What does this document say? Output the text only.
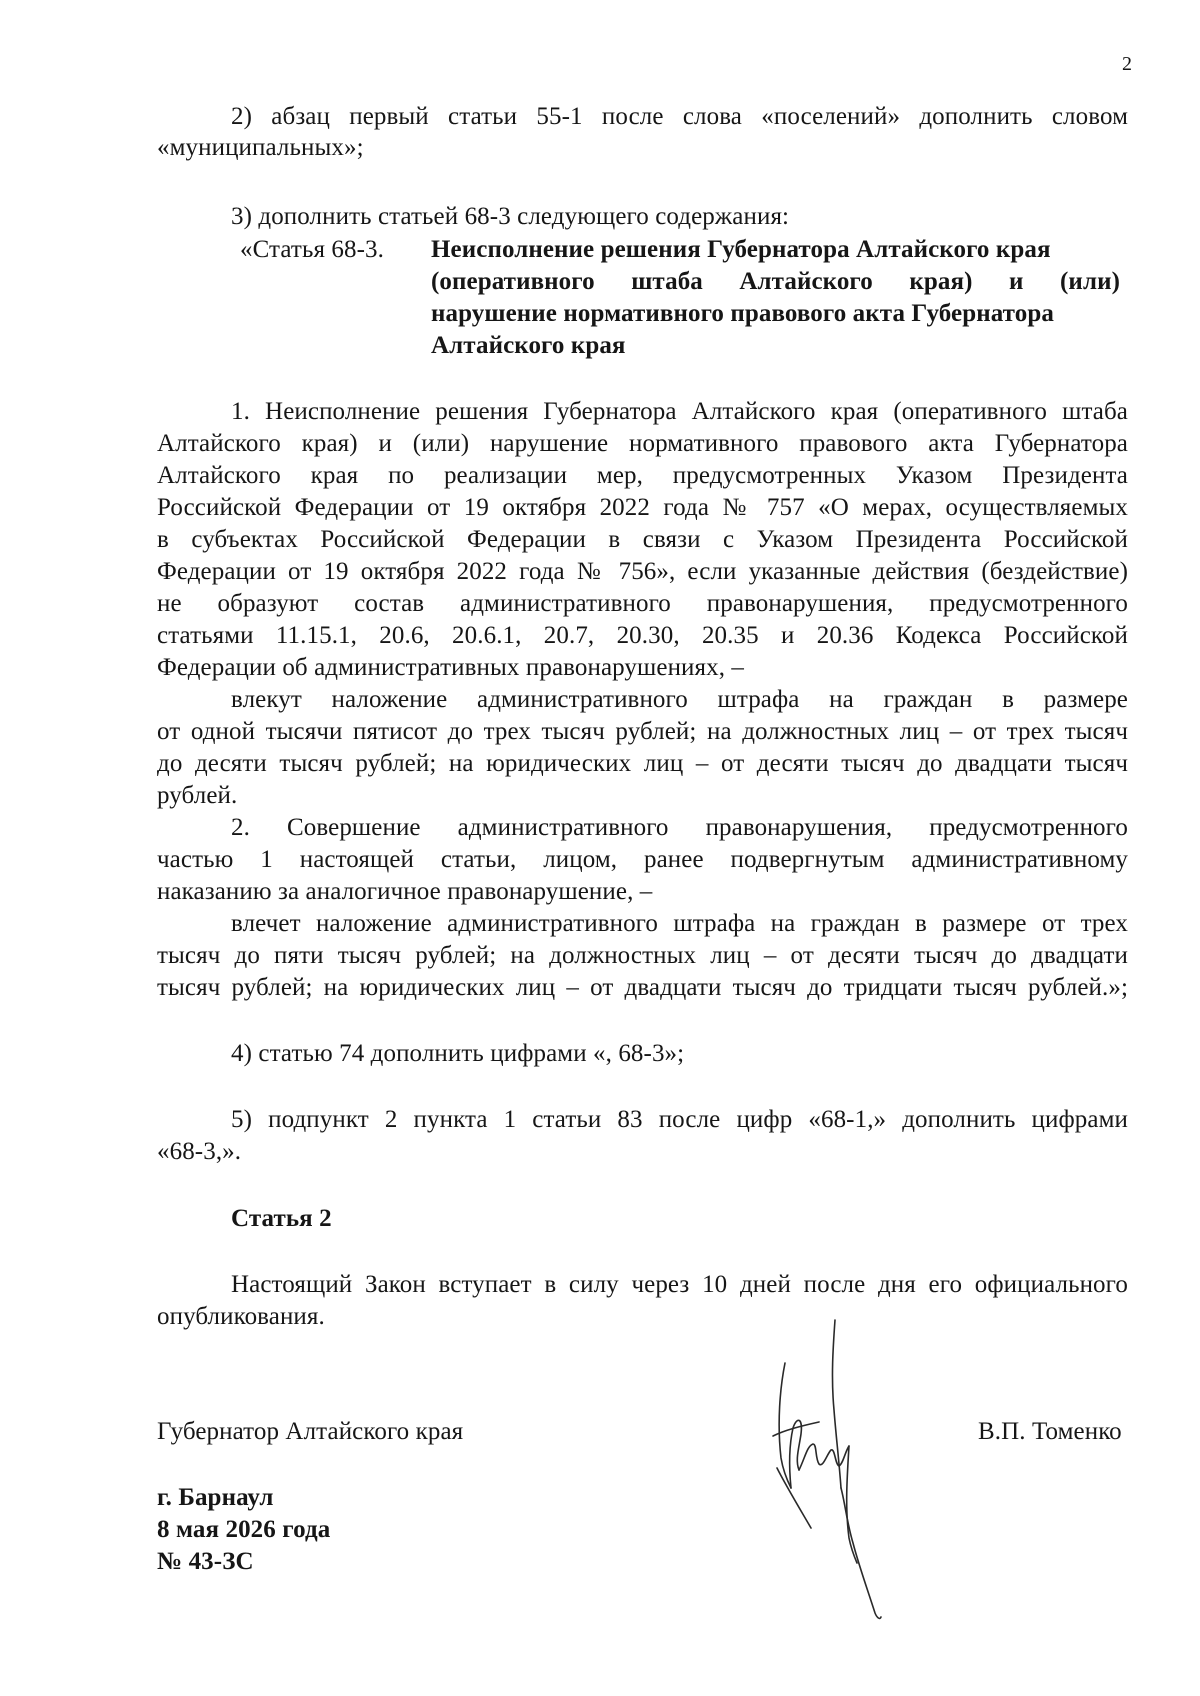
2

2) абзац первый статьи 55-1 после слова «поселений» дополнить словом

«муниципальных»;

3) дополнить статьей 68-3 следующего содержания:

«Статья 68-3. Неисполнение решения Губернатора Алтайского края

(оперативного штаба Алтайского края) и (или)

нарушение нормативного правового акта Губернатора

Алтайского края

1. Неисполнение решения Губернатора Алтайского края (оперативного штаба

Алтайского края) и (или) нарушение нормативного правового акта Губернатора

Алтайского края по реализации мер, предусмотренных Указом Президента

Российской Федерации от 19 октября 2022 года № 757 «О мерах, осуществляемых

в субъектах Российской Федерации в связи с Указом Президента Российской

Федерации от 19 октября 2022 года № 756», если указанные действия (бездействие)

не образуют состав административного правонарушения, предусмотренного

статьями 11.15.1, 20.6, 20.6.1, 20.7, 20.30, 20.35 и 20.36 Кодекса Российской

Федерации об административных правонарушениях, –

влекут наложение административного штрафа на граждан в размере

от одной тысячи пятисот до трех тысяч рублей; на должностных лиц – от трех тысяч

до десяти тысяч рублей; на юридических лиц – от десяти тысяч до двадцати тысяч

рублей.

2. Совершение административного правонарушения, предусмотренного

частью 1 настоящей статьи, лицом, ранее подвергнутым административному

наказанию за аналогичное правонарушение, –

влечет наложение административного штрафа на граждан в размере от трех

тысяч до пяти тысяч рублей; на должностных лиц – от десяти тысяч до двадцати

тысяч рублей; на юридических лиц – от двадцати тысяч до тридцати тысяч рублей.»;

4) статью 74 дополнить цифрами «, 68-3»;

5) подпункт 2 пункта 1 статьи 83 после цифр «68-1,» дополнить цифрами

«68-3,».

Статья 2

Настоящий Закон вступает в силу через 10 дней после дня его официального

опубликования.

Губернатор Алтайского края	В.П. Томенко

г. Барнаул

8 мая 2026 года

№ 43-ЗС
